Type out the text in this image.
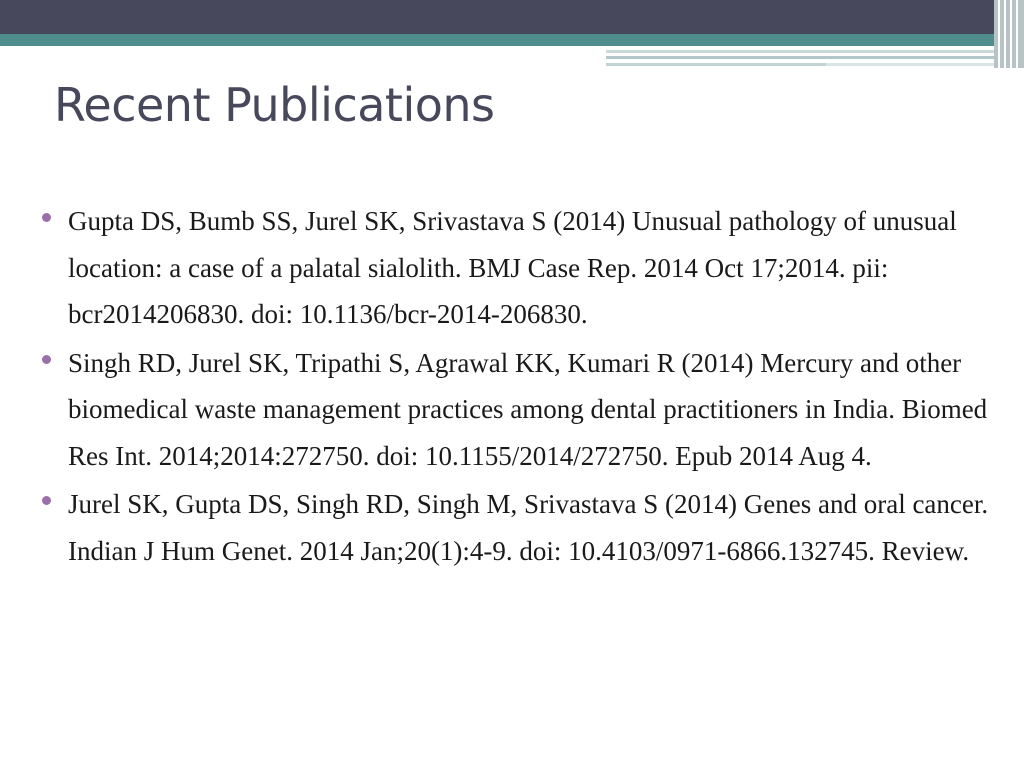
Recent Publications
Gupta DS, Bumb SS, Jurel SK, Srivastava S (2014) Unusual pathology of unusual location: a case of a palatal sialolith. BMJ Case Rep. 2014 Oct 17;2014. pii: bcr2014206830. doi: 10.1136/bcr-2014-206830.
Singh RD, Jurel SK, Tripathi S, Agrawal KK, Kumari R (2014) Mercury and other biomedical waste management practices among dental practitioners in India. Biomed Res Int. 2014;2014:272750. doi: 10.1155/2014/272750. Epub 2014 Aug 4.
Jurel SK, Gupta DS, Singh RD, Singh M, Srivastava S (2014) Genes and oral cancer. Indian J Hum Genet. 2014 Jan;20(1):4-9. doi: 10.4103/0971-6866.132745. Review.
